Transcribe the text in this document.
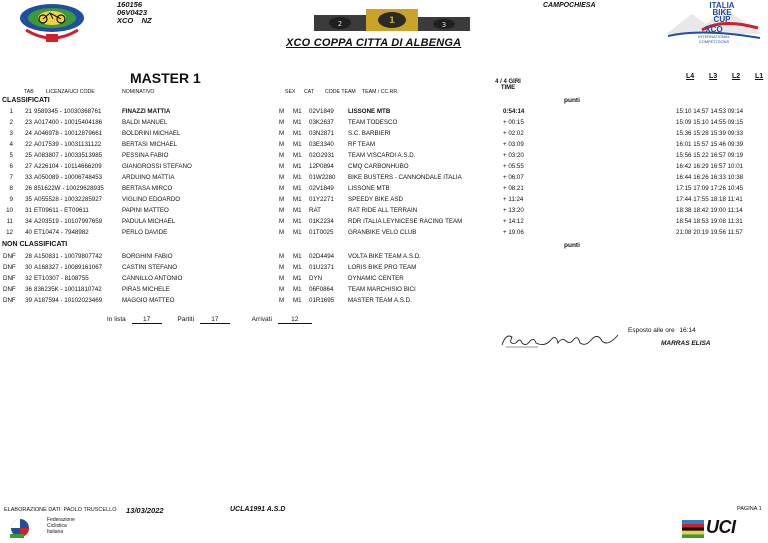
160156
06V0423
XCO    NZ	1
2	3
CAMPOCHIESA
XCO COPPA CITTA DI ALBENGA
ITALIA
BIKE
CUP
XCO
INTERNATIONAL
COMPETITIONS
MASTER 1	4 / 4 GIRI
TIME
L4 L3 L2 L1
TAB LICENZA/UCI CODE	NOMINATIVO	SEX CAT CODE TEAM TEAM / CC.RR.
CLASSIFICATI	punti
1	21 9589345 - 10030368761	FINAZZI MATTIA	M M1 02V1849 LISSONE MTB	0:54:14	15:10 14:57 14:53 09:14
2	23 A017400 - 10015404186	BALDI MANUEL	M M1 03K2637 TEAM TODESCO	+ 00:15	15:09 15:10 14:55 09:15
3	24 A046978 - 10012879661	BOLDRINI MICHAEL	M M1 03N2871 S.C. BARBIERI	+ 02:02	15:36 15:28 15:39 09:33
4	22 A017539 - 10031131122	BERTASI MICHAEL	M M1 03E3340 RF TEAM	+ 03:09	16:01 15:57 15:46 09:39
5	25 A083807 - 10033513985	PESSINA FABIO	M M1 02G2931 TEAM VISCARDI A.S.D.	+ 03:20	15:56 15:22 16:57 09:19
6	27 A226104 - 10114666209	GIANGROSSI STEFANO	M M1 12P0894 CMQ CARBONHUBO	+ 05:55	16:42 16:29 16:57 10:01
7	33 A050089 - 10006748453	ARDUINO MATTIA	M M1 01W2280 BIKE BUSTERS - CANNONDALE ITALIA	+ 06:07	16:44 16:26 16:33 10:38
8	26 851622W - 10029628935	BERTASA MIRCO	M M1 02V1849 LISSONE MTB	+ 08:21	17:15 17:09 17:26 10:45
9	35 A055528 - 10032285927	VIGLINO EDOARDO	M M1 01Y2271 SPEEDY BIKE ASD	+ 11:24	17:44 17:55 18:18 11:41
10	31 ET09611 - ET09611	PAPINI MATTEO	M M1 RAT	RAT RIDE ALL TERRAIN	+ 13:20	18:38 18:42 19:00 11:14
11	34 A203519 - 10107997659	PADULA MICHAEL	M M1 01K2234 RDR ITALIA LEYNICESE RACING TEAM	+ 14:12	18:54 18:53 19:08 11:31
12	40 ET10474 - 7948982	PERLO DAVIDE	M M1 01T0025 GRANBIKE VELO CLUB	+ 19:06	21:08 20:19 19:56 11:57
NON CLASSIFICATI	punti
DNF	28 A150831 - 10079807742	BORGHINI FABIO	M M1 02D4494 VOLTA BIKE TEAM A.S.D.
DNF	30 A168327 - 10089161067	CASTINI STEFANO	M M1 01U2371 LORIS BIKE PRO TEAM
DNF	32 ET10307 - 8108755	CANNILLO ANTONIO	M M1 DYN	DYNAMIC CENTER
DNF	36 836235K - 10011810742	PIRAS MICHELE	M M1 06F0864 TEAM MARCHISIO BICI
DNF	39 A187594 - 10102023469	MAGGIO MATTEO	M M1 01R1695 MASTER TEAM A.S.D.
In lista	17	Partiti	17	Arrivati	12
Esposto alle ore 16:14
MARRAS ELISA
ELABORAZIONE DATI: PAOLO TRUSCELLO 13/03/2022	UCLA1991 A.S.D	PAGINA 1
Federazione
Ciclistica
Italiana	UCI
